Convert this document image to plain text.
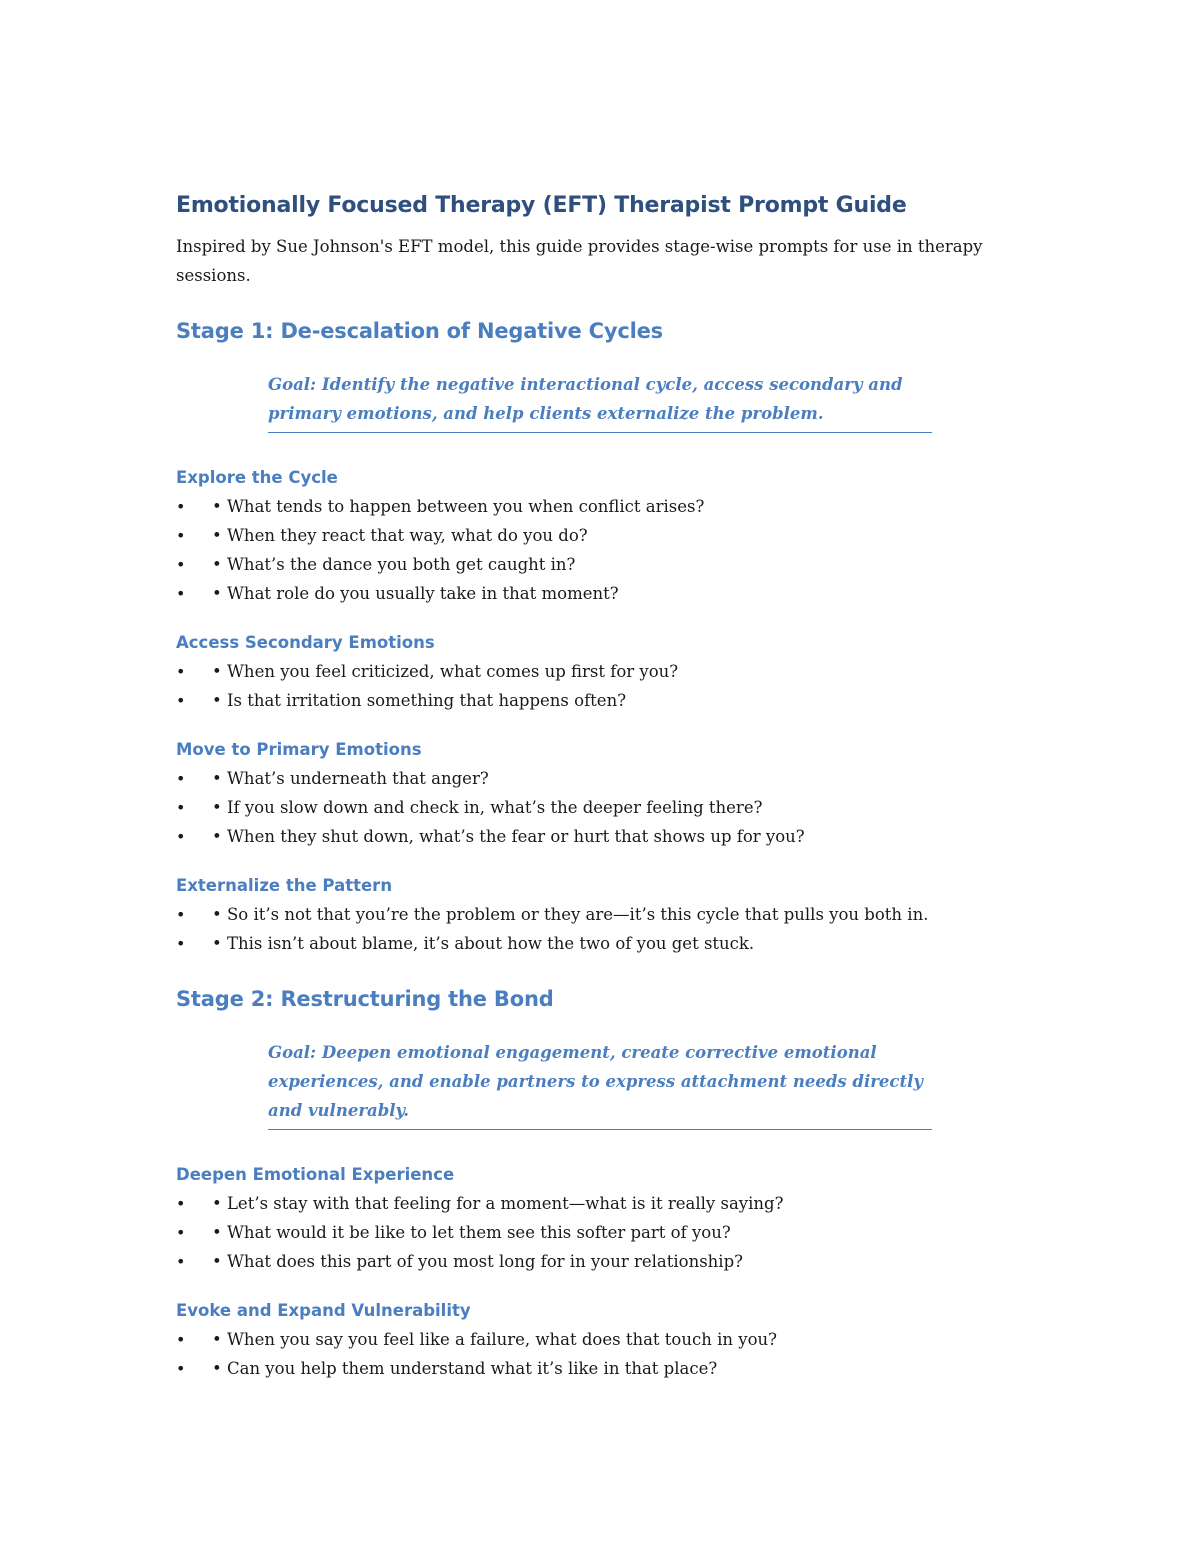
Emotionally Focused Therapy (EFT) Therapist Prompt Guide

Inspired by Sue Johnson's EFT model, this guide provides stage-wise prompts for use in therapy sessions.

Stage 1: De-escalation of Negative Cycles

Goal: Identify the negative interactional cycle, access secondary and primary emotions, and help clients externalize the problem.

Explore the Cycle
• • What tends to happen between you when conflict arises?
• • When they react that way, what do you do?
• • What’s the dance you both get caught in?
• • What role do you usually take in that moment?
Access Secondary Emotions
• • When you feel criticized, what comes up first for you?
• • Is that irritation something that happens often?
Move to Primary Emotions
• • What’s underneath that anger?
• • If you slow down and check in, what’s the deeper feeling there?
• • When they shut down, what’s the fear or hurt that shows up for you?
Externalize the Pattern
• • So it’s not that you’re the problem or they are—it’s this cycle that pulls you both in.
• • This isn’t about blame, it’s about how the two of you get stuck.
Stage 2: Restructuring the Bond

Goal: Deepen emotional engagement, create corrective emotional experiences, and enable partners to express attachment needs directly and vulnerably.

Deepen Emotional Experience
• • Let’s stay with that feeling for a moment—what is it really saying?
• • What would it be like to let them see this softer part of you?
• • What does this part of you most long for in your relationship?
Evoke and Expand Vulnerability
• • When you say you feel like a failure, what does that touch in you?
• • Can you help them understand what it’s like in that place?
